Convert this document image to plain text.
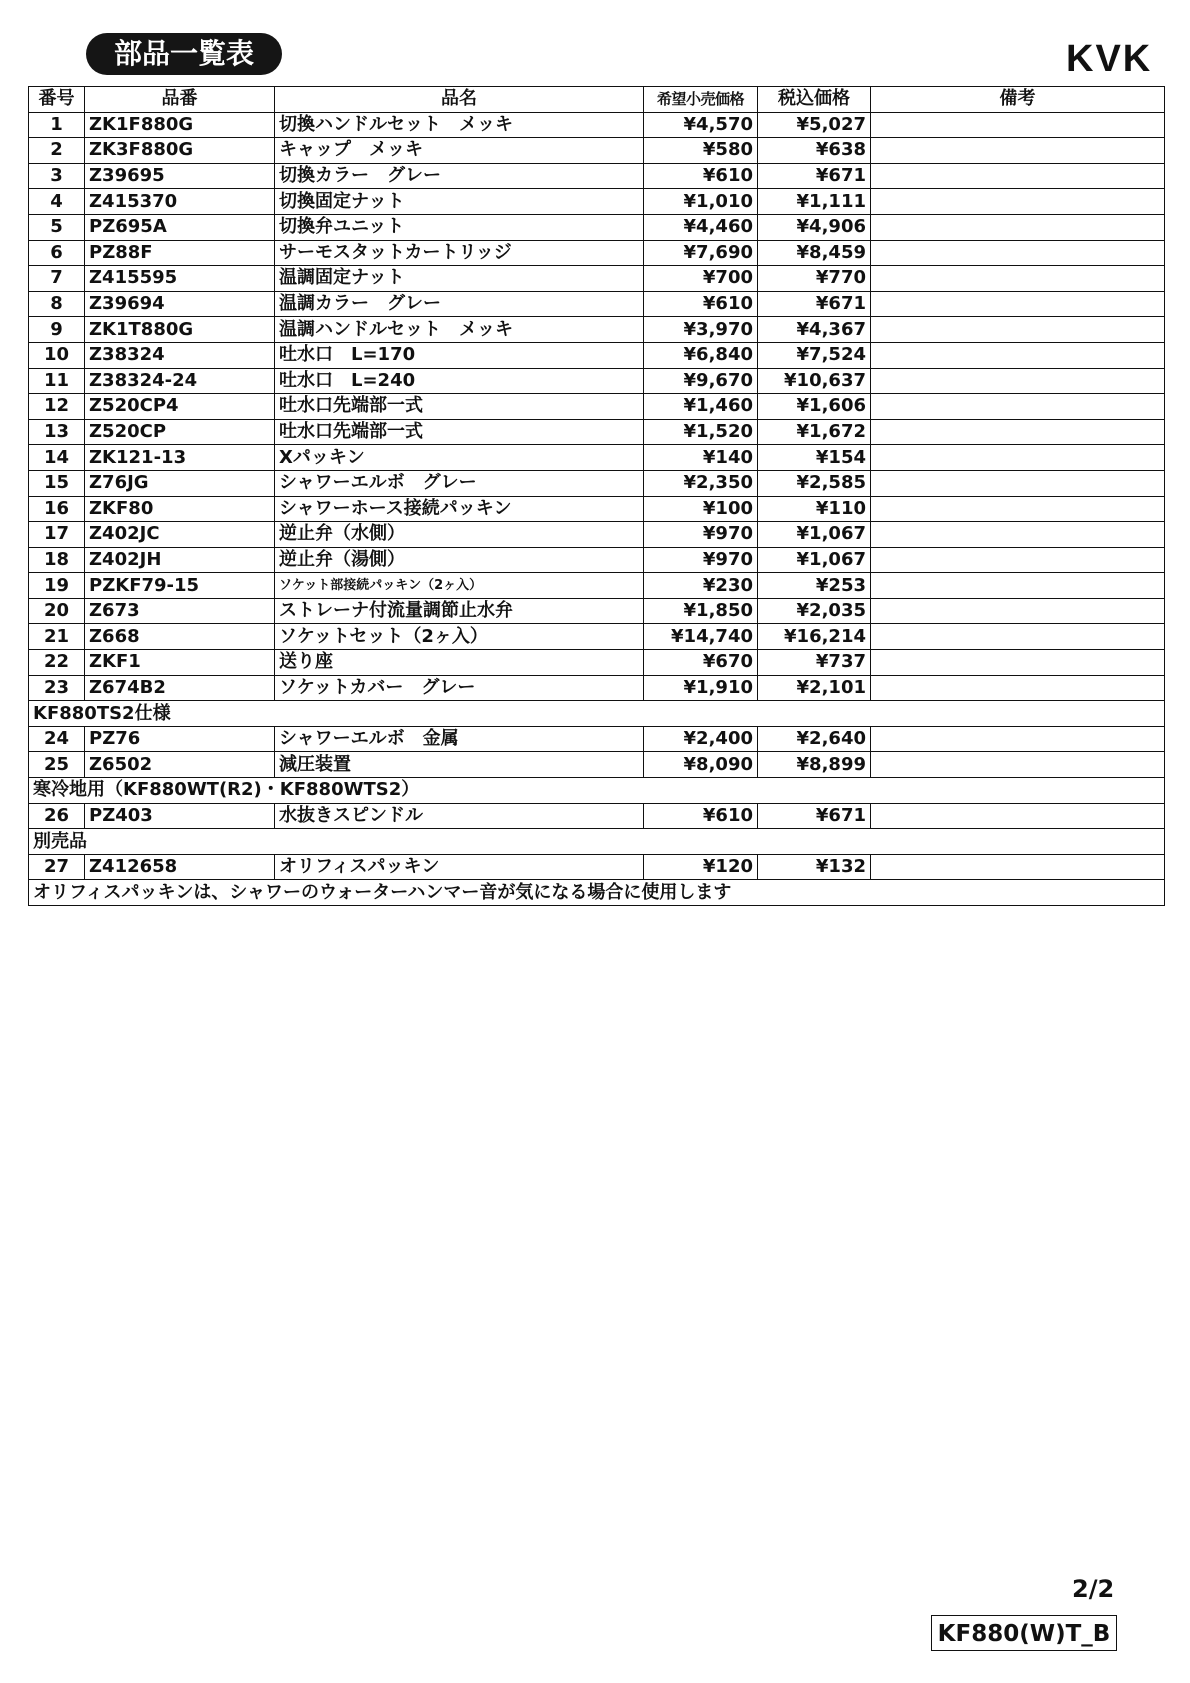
部品一覧表	KVK
番号	品番	品名	希望小売価格	税込価格	備考
1	ZK1F880G	切換ハンドルセット　メッキ	¥4,570	¥5,027	
2	ZK3F880G	キャップ　メッキ	¥580	¥638	
3	Z39695	切換カラー　グレー	¥610	¥671	
4	Z415370	切換固定ナット	¥1,010	¥1,111	
5	PZ695A	切換弁ユニット	¥4,460	¥4,906	
6	PZ88F	サーモスタットカートリッジ	¥7,690	¥8,459	
7	Z415595	温調固定ナット	¥700	¥770	
8	Z39694	温調カラー　グレー	¥610	¥671	
9	ZK1T880G	温調ハンドルセット　メッキ	¥3,970	¥4,367	
10	Z38324	吐水口　L=170	¥6,840	¥7,524	
11	Z38324-24	吐水口　L=240	¥9,670	¥10,637	
12	Z520CP4	吐水口先端部一式	¥1,460	¥1,606	
13	Z520CP	吐水口先端部一式	¥1,520	¥1,672	
14	ZK121-13	Xパッキン	¥140	¥154	
15	Z76JG	シャワーエルボ　グレー	¥2,350	¥2,585	
16	ZKF80	シャワーホース接続パッキン	¥100	¥110	
17	Z402JC	逆止弁（水側）	¥970	¥1,067	
18	Z402JH	逆止弁（湯側）	¥970	¥1,067	
19	PZKF79-15	ソケット部接続パッキン（2ヶ入）	¥230	¥253	
20	Z673	ストレーナ付流量調節止水弁	¥1,850	¥2,035	
21	Z668	ソケットセット（2ヶ入）	¥14,740	¥16,214	
22	ZKF1	送り座	¥670	¥737	
23	Z674B2	ソケットカバー　グレー	¥1,910	¥2,101	
KF880TS2仕様					
24	PZ76	シャワーエルボ　金属	¥2,400	¥2,640	
25	Z6502	減圧装置	¥8,090	¥8,899	
寒冷地用（KF880WT(R2)・KF880WTS2）					
26	PZ403	水抜きスピンドル	¥610	¥671	
別売品					
27	Z412658	オリフィスパッキン	¥120	¥132	
オリフィスパッキンは、シャワーのウォーターハンマー音が気になる場合に使用します					
2/2
KF880(W)T_B
